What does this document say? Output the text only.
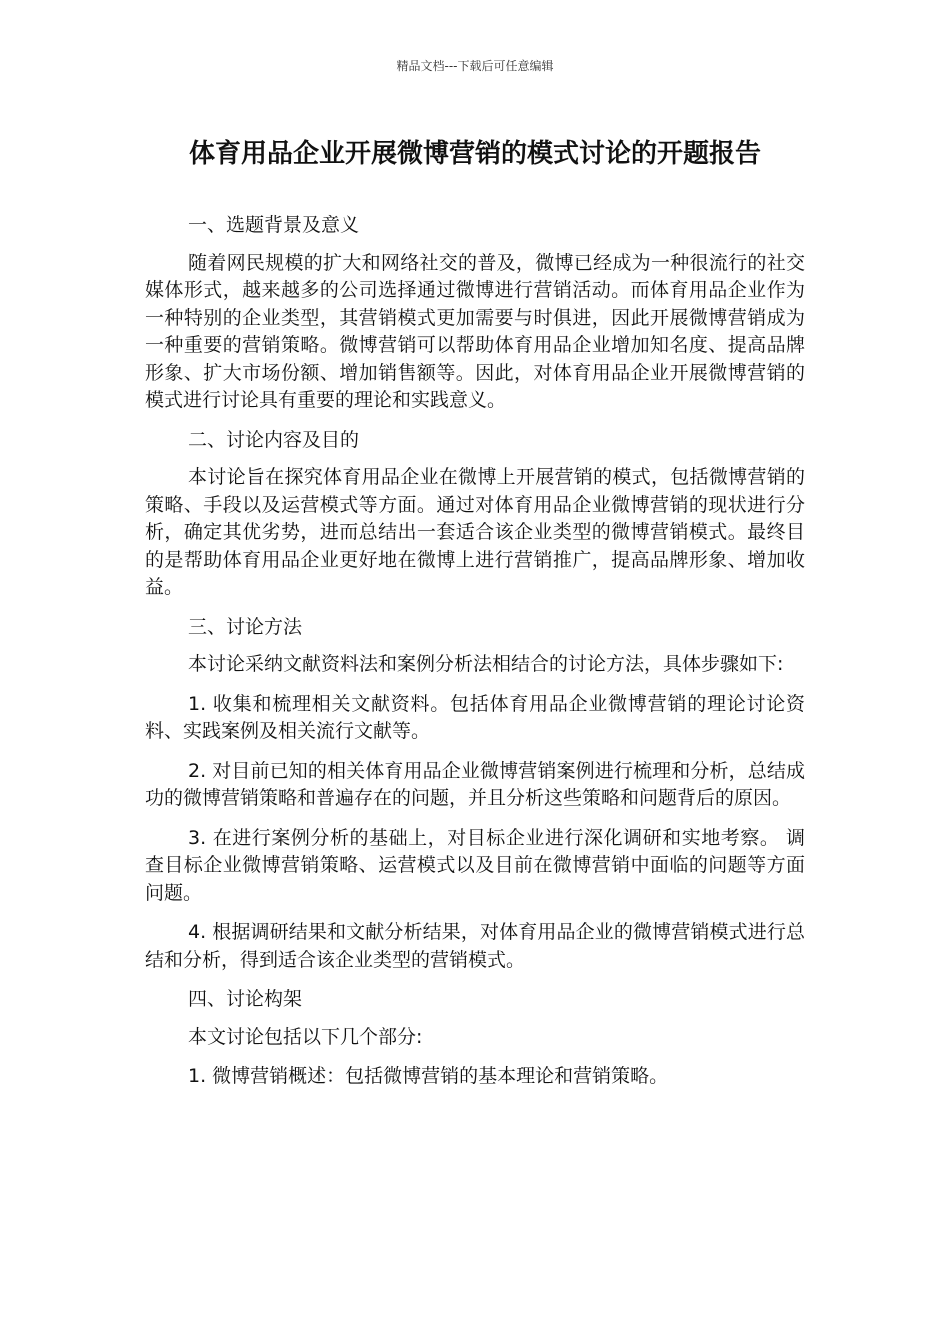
精品文档---下载后可任意编辑
体育用品企业开展微博营销的模式讨论的开题报告

一、选题背景及意义

随着网民规模的扩大和网络社交的普及，微博已经成为一种很流行的社交媒体形式，越来越多的公司选择通过微博进行营销活动。而体育用品企业作为一种特别的企业类型，其营销模式更加需要与时俱进，因此开展微博营销成为一种重要的营销策略。微博营销可以帮助体育用品企业增加知名度、提高品牌形象、扩大市场份额、增加销售额等。因此，对体育用品企业开展微博营销的模式进行讨论具有重要的理论和实践意义。

二、讨论内容及目的

本讨论旨在探究体育用品企业在微博上开展营销的模式，包括微博营销的策略、手段以及运营模式等方面。通过对体育用品企业微博营销的现状进行分析，确定其优劣势，进而总结出一套适合该企业类型的微博营销模式。最终目的是帮助体育用品企业更好地在微博上进行营销推广，提高品牌形象、增加收益。

三、讨论方法

本讨论采纳文献资料法和案例分析法相结合的讨论方法，具体步骤如下:

1. 收集和梳理相关文献资料。包括体育用品企业微博营销的理论讨论资料、实践案例及相关流行文献等。

2. 对目前已知的相关体育用品企业微博营销案例进行梳理和分析，总结成功的微博营销策略和普遍存在的问题，并且分析这些策略和问题背后的原因。

3. 在进行案例分析的基础上，对目标企业进行深化调研和实地考察。 调查目标企业微博营销策略、运营模式以及目前在微博营销中面临的问题等方面问题。

4. 根据调研结果和文献分析结果，对体育用品企业的微博营销模式进行总结和分析，得到适合该企业类型的营销模式。

四、讨论构架

本文讨论包括以下几个部分:

1. 微博营销概述：包括微博营销的基本理论和营销策略。
